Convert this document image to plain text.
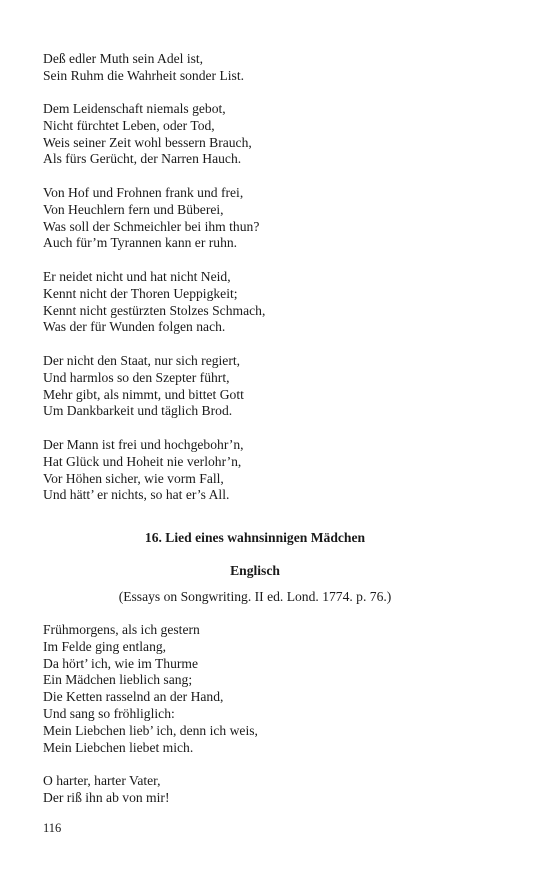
Deß edler Muth sein Adel ist,
Sein Ruhm die Wahrheit sonder List.
Dem Leidenschaft niemals gebot,
Nicht fürchtet Leben, oder Tod,
Weis seiner Zeit wohl bessern Brauch,
Als fürs Gerücht, der Narren Hauch.
Von Hof und Frohnen frank und frei,
Von Heuchlern fern und Büberei,
Was soll der Schmeichler bei ihm thun?
Auch für’m Tyrannen kann er ruhn.
Er neidet nicht und hat nicht Neid,
Kennt nicht der Thoren Ueppigkeit;
Kennt nicht gestürzten Stolzes Schmach,
Was der für Wunden folgen nach.
Der nicht den Staat, nur sich regiert,
Und harmlos so den Szepter führt,
Mehr gibt, als nimmt, und bittet Gott
Um Dankbarkeit und täglich Brod.
Der Mann ist frei und hochgebohr’n,
Hat Glück und Hoheit nie verlohr’n,
Vor Höhen sicher, wie vorm Fall,
Und hätt’ er nichts, so hat er’s All.
16. Lied eines wahnsinnigen Mädchen
Englisch
(Essays on Songwriting. II ed. Lond. 1774. p. 76.)
Frühmorgens, als ich gestern
Im Felde ging entlang,
Da hört’ ich, wie im Thurme
Ein Mädchen lieblich sang;
Die Ketten rasselnd an der Hand,
Und sang so fröhliglich:
Mein Liebchen lieb’ ich, denn ich weis,
Mein Liebchen liebet mich.
O harter, harter Vater,
Der riß ihn ab von mir!
116
